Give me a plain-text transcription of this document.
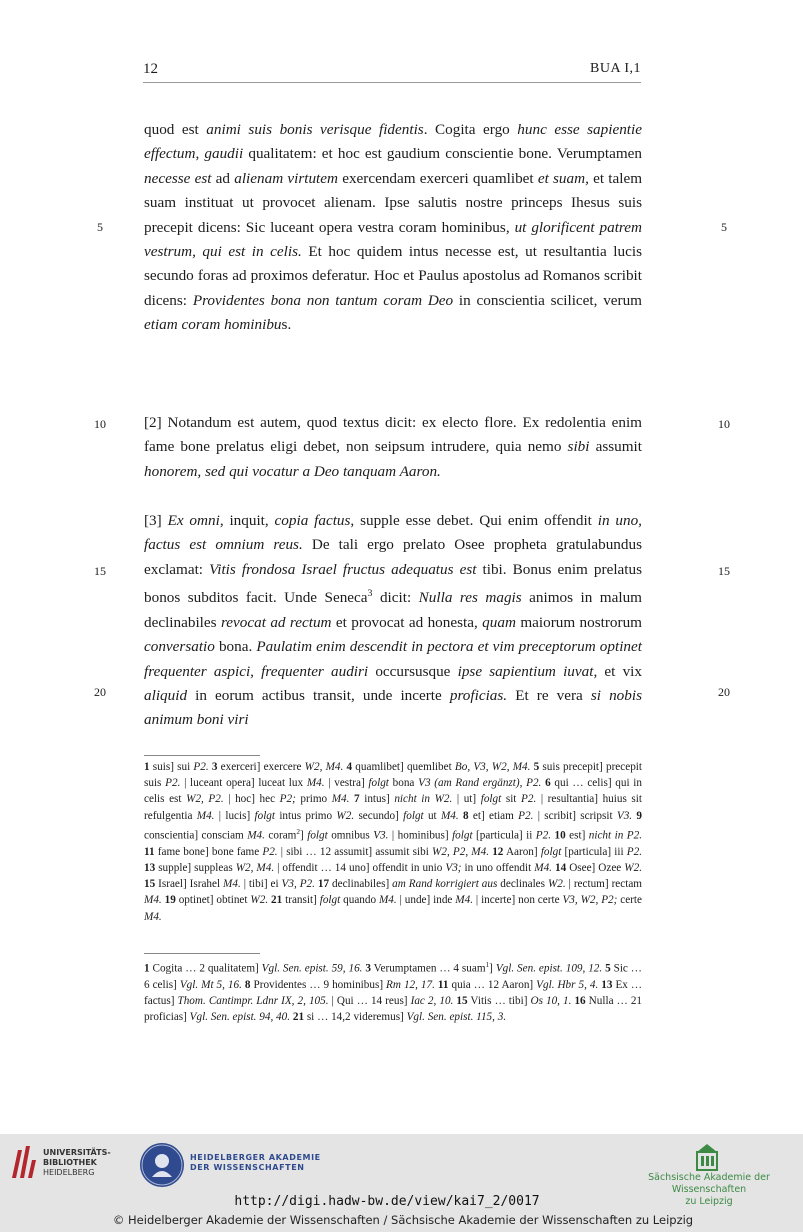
12	BUA I,1
quod est animi suis bonis verisque fidentis. Cogita ergo hunc esse sapientie effectum, gaudii qualitatem: et hoc est gaudium conscientie bone. Verumptamen necesse est ad alienam virtutem exercendam exerceri quamlibet et suam, et talem suam instituat ut provocet alienam. Ipse salutis nostre princeps Ihesus suis precepit dicens: Sic luceant opera vestra coram hominibus, ut glorificent patrem vestrum, qui est in celis. Et hoc quidem intus necesse est, ut resultantia lucis secundo foras ad proximos deferatur. Hoc et Paulus apostolus ad Romanos scribit dicens: Providentes bona non tantum coram Deo in conscientia scilicet, verum etiam coram hominibus.
[2] Notandum est autem, quod textus dicit: ex electo flore. Ex redolentia enim fame bone prelatus eligi debet, non seipsum intrudere, quia nemo sibi assumit honorem, sed qui vocatur a Deo tanquam Aaron.
[3] Ex omni, inquit, copia factus, supple esse debet. Qui enim offendit in uno, factus est omnium reus. De tali ergo prelato Osee propheta gratulabundus exclamat: Vitis frondosa Israel fructus adequatus est tibi. Bonus enim prelatus bonos subditos facit. Unde Seneca$^3$ dicit: Nulla res magis animos in malum declinabiles revocat ad rectum et provocat ad honesta, quam maiorum nostrorum conversatio bona. Paulatim enim descendit in pectora et vim preceptorum optinet frequenter aspici, frequenter audiri occursusque ipse sapientium iuvat, et vix aliquid in eorum actibus transit, unde incerte proficias. Et re vera si nobis animum boni viri
5	5
10	10
15	15
20	20
1 suis] sui P2. 3 exerceri] exercere W2, M4. 4 quamlibet] quemlibet Bo, V3, W2, M4. 5 suis precepit] precepit suis P2. | luceant opera] luceat lux M4. | vestra] folgt bona V3 (am Rand ergänzt), P2. 6 qui … celis] qui in celis est W2, P2. | hoc] hec P2; primo M4. 7 intus] nicht in W2. | ut] folgt sit P2. | resultantia] huius sit refulgentia M4. | lucis] folgt intus primo W2. secundo] folgt ut M4. 8 et] etiam P2. | scribit] scripsit V3. 9 conscientia] consciam M4. coram$^2$] folgt omnibus V3. | hominibus] folgt [particula] ii P2. 10 est] nicht in P2. 11 fame bone] bone fame P2. | sibi … 12 assumit] assumit sibi W2, P2, M4. 12 Aaron] folgt [particula] iii P2. 13 supple] suppleas W2, M4. | offendit … 14 uno] offendit in unio V3; in uno offendit M4. 14 Osee] Ozee W2. 15 Israel] Israhel M4. | tibi] ei V3, P2. 17 declinabiles] am Rand korrigiert aus declinales W2. | rectum] rectam M4. 19 optinet] obtinet W2. 21 transit] folgt quando M4. | unde] inde M4. | incerte] non certe V3, W2, P2; certe M4.
1 Cogita … 2 qualitatem] Vgl. Sen. epist. 59, 16. 3 Verumptamen … 4 suam$^1$] Vgl. Sen. epist. 109, 12. 5 Sic … 6 celis] Vgl. Mt 5, 16. 8 Providentes … 9 hominibus] Rm 12, 17. 11 quia … 12 Aaron] Vgl. Hbr 5, 4. 13 Ex … factus] Thom. Cantimpr. Ldnr IX, 2, 105. | Qui … 14 reus] Iac 2, 10. 15 Vitis … tibi] Os 10, 1. 16 Nulla … 21 proficias] Vgl. Sen. epist. 94, 40. 21 si … 14,2 videremus] Vgl. Sen. epist. 115, 3.
UNIVERSITÄTS-
BIBLIOTHEK
HEIDELBERG
HEIDELBERGER AKADEMIE
DER WISSENSCHAFTEN
Sächsische Akademie der Wissenschaften
zu Leipzig
http://digi.hadw-bw.de/view/kai7_2/0017
© Heidelberger Akademie der Wissenschaften / Sächsische Akademie der Wissenschaften zu Leipzig
